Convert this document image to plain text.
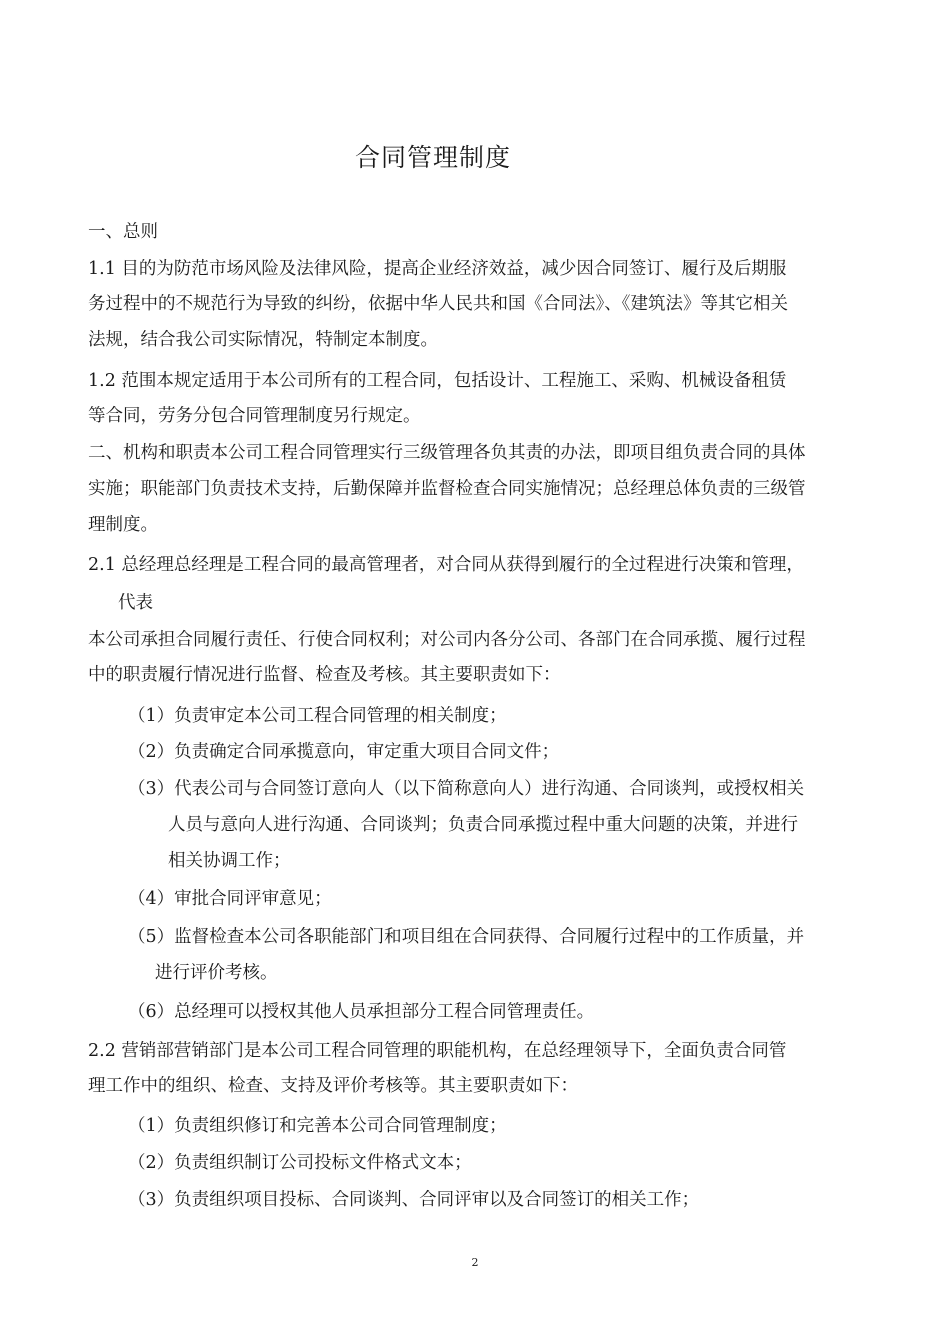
合同管理制度
一、总则
1.1 目的为防范市场风险及法律风险，提高企业经济效益，减少因合同签订、履行及后期服
务过程中的不规范行为导致的纠纷，依据中华人民共和国《合同法》、《建筑法》等其它相关
法规，结合我公司实际情况，特制定本制度。
1.2 范围本规定适用于本公司所有的工程合同，包括设计、工程施工、采购、机械设备租赁
等合同，劳务分包合同管理制度另行规定。
二、机构和职责本公司工程合同管理实行三级管理各负其责的办法，即项目组负责合同的具体
实施；职能部门负责技术支持，后勤保障并监督检查合同实施情况；总经理总体负责的三级管
理制度。
2.1 总经理总经理是工程合同的最高管理者，对合同从获得到履行的全过程进行决策和管理，
代表
本公司承担合同履行责任、行使合同权利；对公司内各分公司、各部门在合同承揽、履行过程
中的职责履行情况进行监督、检查及考核。其主要职责如下：
（1）负责审定本公司工程合同管理的相关制度；
（2）负责确定合同承揽意向，审定重大项目合同文件；
（3）代表公司与合同签订意向人（以下简称意向人）进行沟通、合同谈判，或授权相关
人员与意向人进行沟通、合同谈判；负责合同承揽过程中重大问题的决策，并进行
相关协调工作；
（4）审批合同评审意见；
（5）监督检查本公司各职能部门和项目组在合同获得、合同履行过程中的工作质量，并
进行评价考核。
（6）总经理可以授权其他人员承担部分工程合同管理责任。
2.2 营销部营销部门是本公司工程合同管理的职能机构，在总经理领导下，全面负责合同管
理工作中的组织、检查、支持及评价考核等。其主要职责如下：
（1）负责组织修订和完善本公司合同管理制度；
（2）负责组织制订公司投标文件格式文本；
（3）负责组织项目投标、合同谈判、合同评审以及合同签订的相关工作；
2
